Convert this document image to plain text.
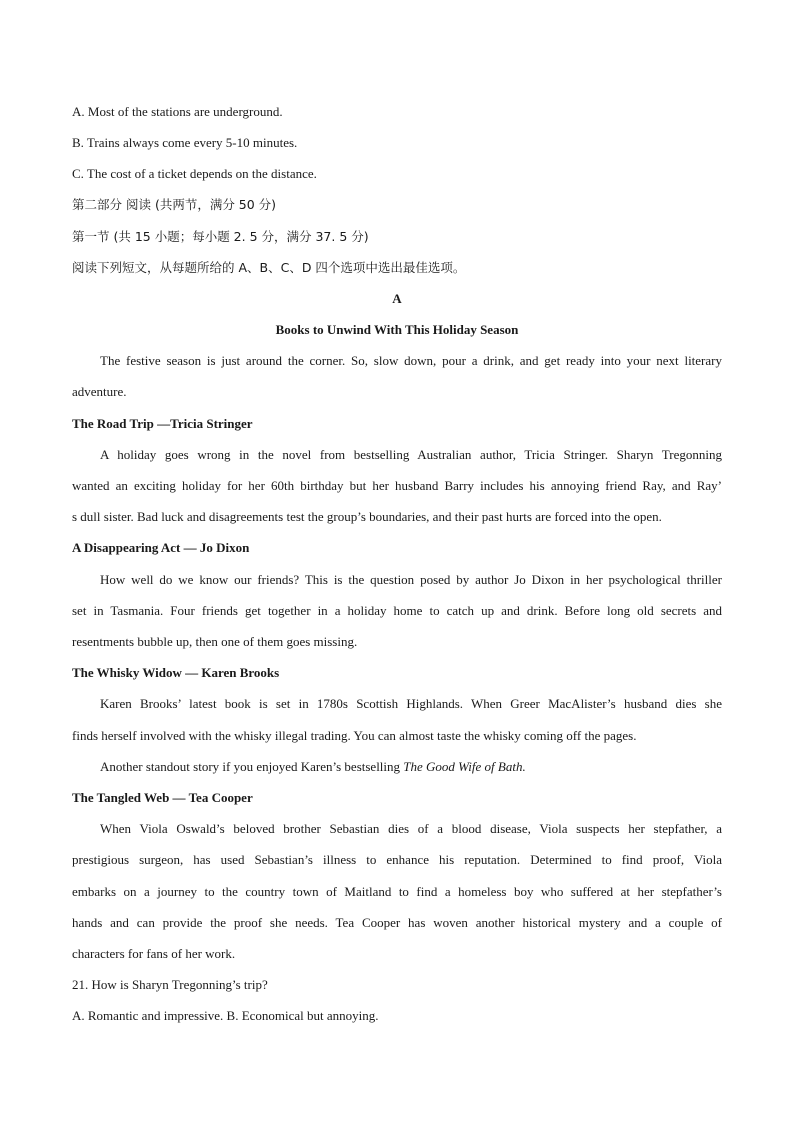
A. Most of the stations are underground.
B. Trains always come every 5-10 minutes.
C. The cost of a ticket depends on the distance.
第二部分 阅读 (共两节，满分 50 分)
第一节 (共 15 小题；每小题 2. 5 分，满分 37. 5 分)
阅读下列短文，从每题所给的 A、B、C、D 四个选项中选出最佳选项。
A
Books to Unwind With This Holiday Season
The festive season is just around the corner. So, slow down, pour a drink, and get ready into your next literary
adventure.
The Road Trip —Tricia Stringer
A holiday goes wrong in the novel from bestselling Australian author, Tricia Stringer. Sharyn Tregonning
wanted an exciting holiday for her 60th birthday but her husband Barry includes his annoying friend Ray, and Ray’
s dull sister. Bad luck and disagreements test the group’s boundaries, and their past hurts are forced into the open.
A Disappearing Act — Jo Dixon
How well do we know our friends? This is the question posed by author Jo Dixon in her psychological thriller
set in Tasmania. Four friends get together in a holiday home to catch up and drink. Before long old secrets and
resentments bubble up, then one of them goes missing.
The Whisky Widow — Karen Brooks
Karen Brooks’ latest book is set in 1780s Scottish Highlands. When Greer MacAlister’s husband dies she
finds herself involved with the whisky illegal trading. You can almost taste the whisky coming off the pages.
Another standout story if you enjoyed Karen’s bestselling The Good Wife of Bath.
The Tangled Web — Tea Cooper
When Viola Oswald’s beloved brother Sebastian dies of a blood disease, Viola suspects her stepfather, a
prestigious surgeon, has used Sebastian’s illness to enhance his reputation. Determined to find proof, Viola
embarks on a journey to the country town of Maitland to find a homeless boy who suffered at her stepfather’s
hands and can provide the proof she needs. Tea Cooper has woven another historical mystery and a couple of
characters for fans of her work.
21. How is Sharyn Tregonning’s trip?
A. Romantic and impressive. B. Economical but annoying.
